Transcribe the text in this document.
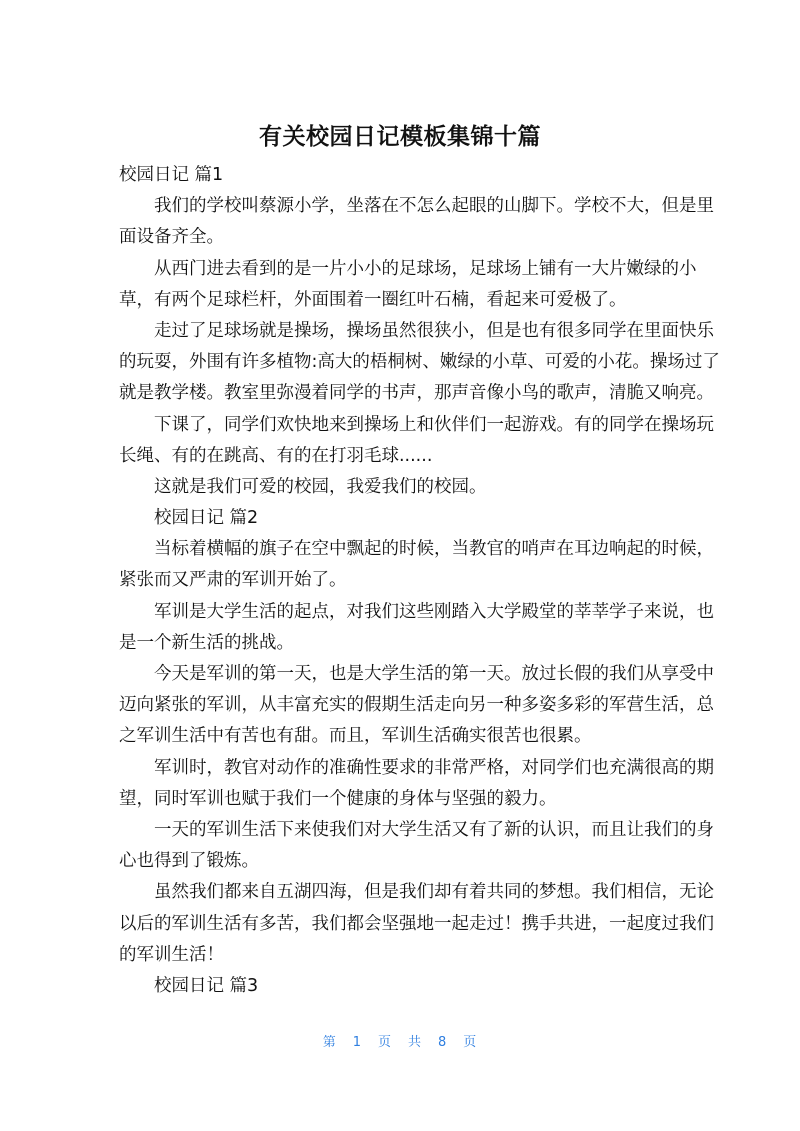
有关校园日记模板集锦十篇
校园日记 篇1
我们的学校叫蔡源小学，坐落在不怎么起眼的山脚下。学校不大，但是里
面设备齐全。
从西门进去看到的是一片小小的足球场，足球场上铺有一大片嫩绿的小
草，有两个足球栏杆，外面围着一圈红叶石楠，看起来可爱极了。
走过了足球场就是操场，操场虽然很狭小，但是也有很多同学在里面快乐
的玩耍，外围有许多植物:高大的梧桐树、嫩绿的小草、可爱的小花。操场过了
就是教学楼。教室里弥漫着同学的书声，那声音像小鸟的歌声，清脆又响亮。
下课了，同学们欢快地来到操场上和伙伴们一起游戏。有的同学在操场玩
长绳、有的在跳高、有的在打羽毛球......
这就是我们可爱的校园，我爱我们的校园。
校园日记 篇2
当标着横幅的旗子在空中飘起的时候，当教官的哨声在耳边响起的时候，
紧张而又严肃的军训开始了。
军训是大学生活的起点，对我们这些刚踏入大学殿堂的莘莘学子来说，也
是一个新生活的挑战。
今天是军训的第一天，也是大学生活的第一天。放过长假的我们从享受中
迈向紧张的军训，从丰富充实的假期生活走向另一种多姿多彩的军营生活，总
之军训生活中有苦也有甜。而且，军训生活确实很苦也很累。
军训时，教官对动作的准确性要求的非常严格，对同学们也充满很高的期
望，同时军训也赋于我们一个健康的身体与坚强的毅力。
一天的军训生活下来使我们对大学生活又有了新的认识，而且让我们的身
心也得到了锻炼。
虽然我们都来自五湖四海，但是我们却有着共同的梦想。我们相信，无论
以后的军训生活有多苦，我们都会坚强地一起走过！携手共进，一起度过我们
的军训生活！
校园日记 篇3
第 1 页 共 8 页
